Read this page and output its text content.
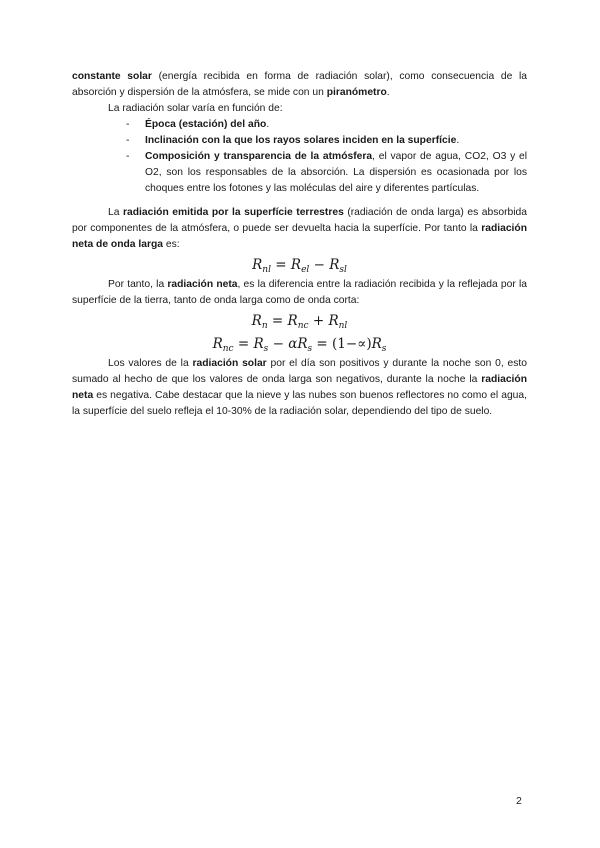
constante solar (energía recibida en forma de radiación solar), como consecuencia de la absorción y dispersión de la atmósfera, se mide con un piranómetro.

La radiación solar varía en función de:

- Época (estación) del año.
- Inclinación con la que los rayos solares inciden en la superfície.
- Composición y transparencia de la atmósfera, el vapor de agua, CO2, O3 y el O2, son los responsables de la absorción. La dispersión es ocasionada por los choques entre los fotones y las moléculas del aire y diferentes partículas.

La radiación emitida por la superfície terrestres (radiación de onda larga) es absorbida por componentes de la atmósfera, o puede ser devuelta hacia la superfície. Por tanto la radiación neta de onda larga es:

$R_{nl} = R_{el} - R_{sl}$

Por tanto, la radiación neta, es la diferencia entre la radiación recibida y la reflejada por la superfície de la tierra, tanto de onda larga como de onda corta:

$R_n = R_{nc} + R_{nl}$
$R_{nc} = R_s - \alpha R_s = (1-\propto)R_s$

Los valores de la radiación solar por el día son positivos y durante la noche son 0, esto sumado al hecho de que los valores de onda larga son negativos, durante la noche la radiación neta es negativa. Cabe destacar que la nieve y las nubes son buenos reflectores no como el agua, la superfície del suelo refleja el 10-30% de la radiación solar, dependiendo del tipo de suelo.

2
